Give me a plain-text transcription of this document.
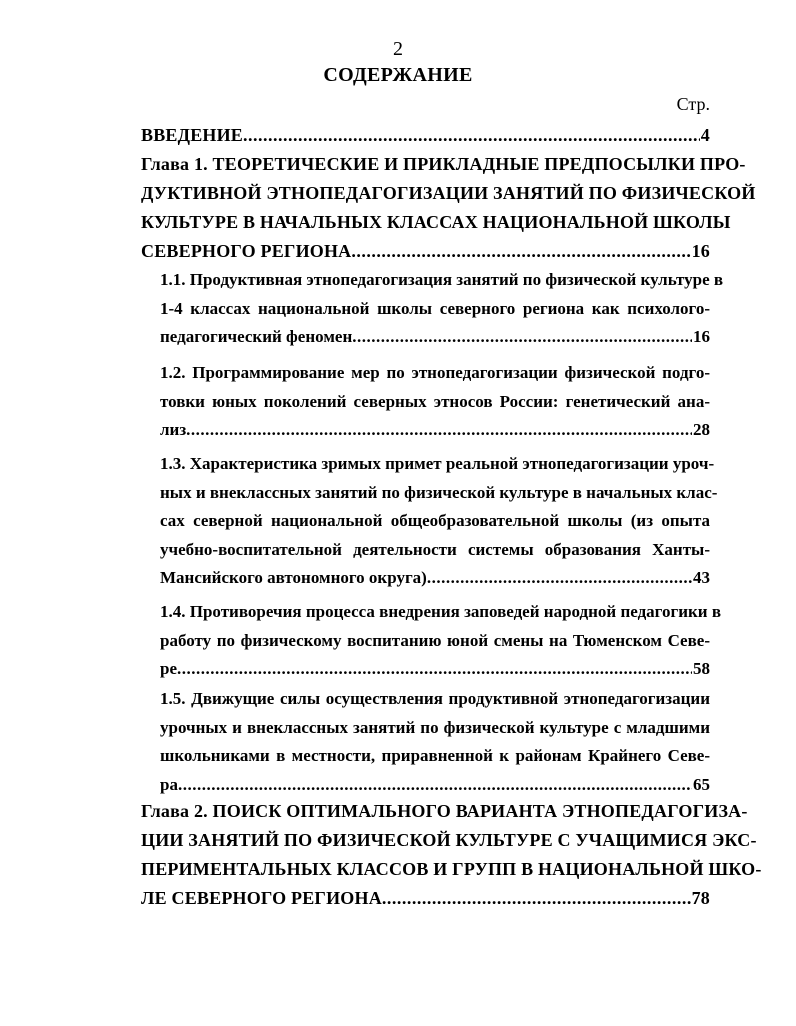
2
СОДЕРЖАНИЕ
Стр.
ВВЕДЕНИЕ .....	4
Глава 1. ТЕОРЕТИЧЕСКИЕ И ПРИКЛАДНЫЕ ПРЕДПОСЫЛКИ ПРО-
ДУКТИВНОЙ ЭТНОПЕДАГОГИЗАЦИИ ЗАНЯТИЙ ПО ФИЗИЧЕСКОЙ
КУЛЬТУРЕ В НАЧАЛЬНЫХ КЛАССАХ НАЦИОНАЛЬНОЙ ШКОЛЫ
СЕВЕРНОГО РЕГИОНА .....	16
1.1. Продуктивная этнопедагогизация занятий по физической культуре в
1-4 классах национальной школы северного региона как психолого-
педагогический феномен .....	16
1.2. Программирование мер по этнопедагогизации физической подго-
товки юных поколений северных этносов России: генетический ана-
лиз .....	28
1.3. Характеристика зримых примет реальной этнопедагогизации уроч-
ных и внеклассных занятий по физической культуре в начальных клас-
сах северной национальной общеобразовательной школы (из опыта
учебно-воспитательной деятельности системы образования Ханты-
Мансийского автономного округа) .....	43
1.4. Противоречия процесса внедрения заповедей народной педагогики в
работу по физическому воспитанию юной смены на Тюменском Севе-
ре .....	58
1.5. Движущие силы осуществления продуктивной этнопедагогизации
урочных и внеклассных занятий по физической культуре с младшими
школьниками в местности, приравненной к районам Крайнего Севе-
ра .....	65
Глава 2. ПОИСК ОПТИМАЛЬНОГО ВАРИАНТА ЭТНОПЕДАГОГИЗА-
ЦИИ ЗАНЯТИЙ ПО ФИЗИЧЕСКОЙ КУЛЬТУРЕ С УЧАЩИМИСЯ ЭКС-
ПЕРИМЕНТАЛЬНЫХ КЛАССОВ И ГРУПП В НАЦИОНАЛЬНОЙ ШКО-
ЛЕ СЕВЕРНОГО РЕГИОНА .....	78
